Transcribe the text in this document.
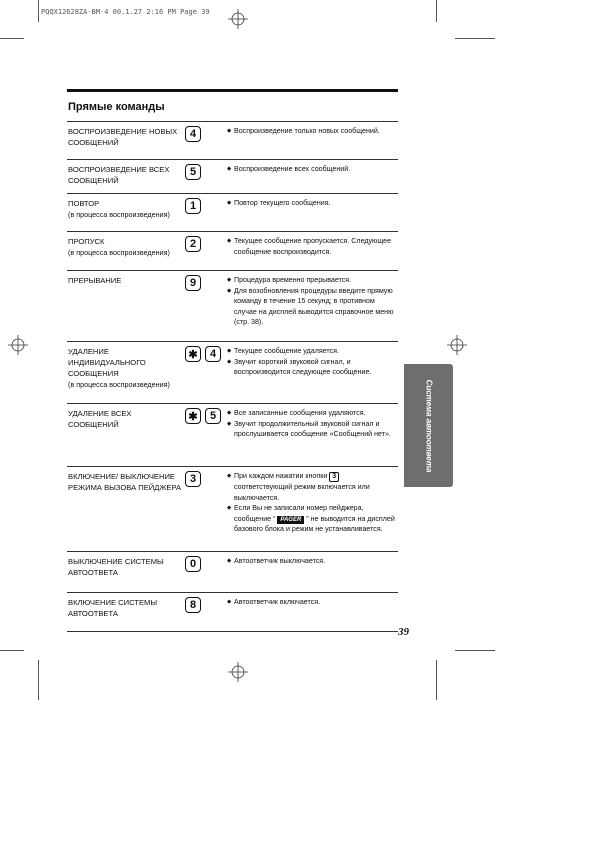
PQQX12628ZA-BM-4 00.1.27 2:16 PM Page 39
Прямые команды
ВОСПРОИЗВЕДЕНИЕ НОВЫХ СООБЩЕНИЙ
4	◆ Воспроизведение только новых сообщений.
ВОСПРОИЗВЕДЕНИЕ ВСЕХ СООБЩЕНИЙ
5	◆ Воспроизведение всех сообщений.
ПОВТОР
(в процесса воспроизведения)
1	◆ Повтор текущего сообщения.
ПРОПУСК
(в процесса воспроизведения)
2	◆ Текущее сообщение пропускается. Следующее сообщение воспроизводится.
ПРЕРЫВАНИЕ	9	◆ Процедура временно прерывается.
◆ Для возобновления процедуры введите прямую команду в течение 15 секунд; в противном случае на дисплей выводится справочное меню (стр. 38).
УДАЛЕНИЕ ИНДИВИДУАЛЬНОГО СООБЩЕНИЯ
(в процесса воспроизведения)
✱	4	◆ Текущее сообщение удаляется.
◆ Звучит короткий звуковой сигнал, и воспроизводится следующее сообщение.
УДАЛЕНИЕ ВСЕХ СООБЩЕНИЙ
✱	5	◆ Все записанные сообщения удаляются.
◆ Звучит продолжительный звуковой сигнал и прослушивается сообщение «Сообщений нет».
ВКЛЮЧЕНИЕ/ ВЫКЛЮЧЕНИЕ РЕЖИМА ВЫЗОВА ПЕЙДЖЕРА
3	◆ При каждом нажатии кнопки 3 соответствующий режим включается или выключается.
◆ Если Вы не записали номер пейджера, сообщение “ PAGER ” не выводится на дисплей базового блока и режим не устанавливается.
ВЫКЛЮЧЕНИЕ СИСТЕМЫ АВТООТВЕТА
0	◆ Автоответчик выключается.
ВКЛЮЧЕНИЕ СИСТЕМЫ АВТООТВЕТА
8	◆ Автоответчик включается.
Система автоответа
39
